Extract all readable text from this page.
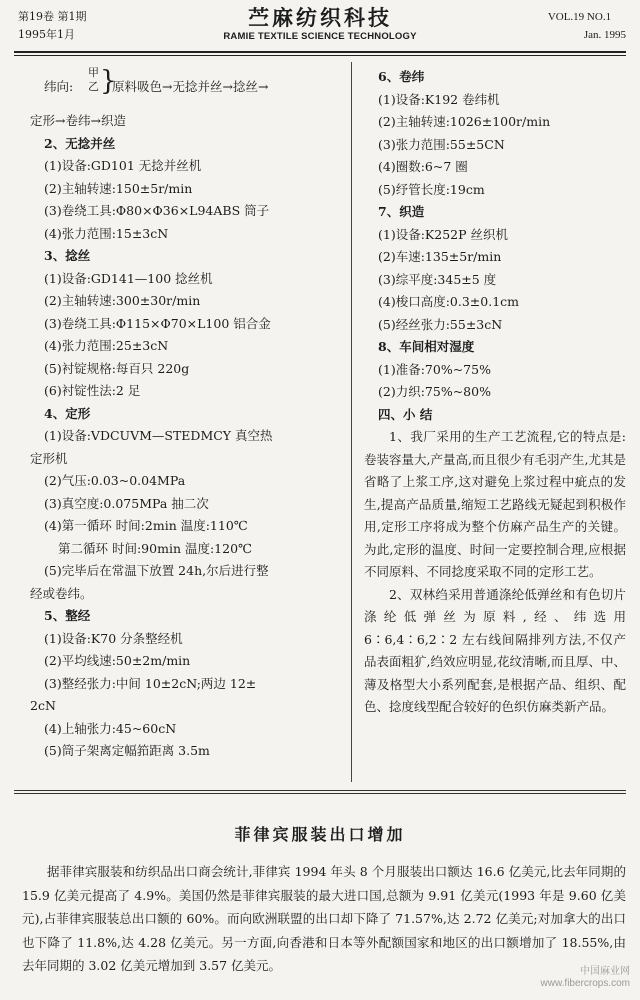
第19卷 第1期
1995年1月
苎麻纺织科技
RAMIE TEXTILE SCIENCE TECHNOLOGY
VOL.19 NO.1
Jan. 1995
纬向:
甲
乙 }
原料吸色→无捻并丝→捻丝→
定形→卷纬→织造
2、无捻并丝
(1)设备:GD101 无捻并丝机
(2)主轴转速:150±5r/min
(3)卷绕工具:Φ80×Φ36×L94ABS 筒子
(4)张力范围:15±3cN
3、捻丝
(1)设备:GD141—100 捻丝机
(2)主轴转速:300±30r/min
(3)卷绕工具:Φ115×Φ70×L100 铝合金
(4)张力范围:25±3cN
(5)衬锭规格:每百只 220g
(6)衬锭性法:2 足
4、定形
(1)设备:VDCUVM—STEDMCY 真空热
定形机
(2)气压:0.03~0.04MPa
(3)真空度:0.075MPa 抽二次
(4)第一循环 时间:2min 温度:110℃
第二循环 时间:90min 温度:120℃
(5)完毕后在常温下放置 24h,尔后进行整
经或卷纬。
5、整经
(1)设备:K70 分条整经机
(2)平均线速:50±2m/min
(3)整经张力:中间 10±2cN;两边 12±
2cN
(4)上轴张力:45~60cN
(5)筒子架离定幅筘距离 3.5m
6、卷纬
(1)设备:K192 卷纬机
(2)主轴转速:1026±100r/min
(3)张力范围:55±5CN
(4)圈数:6~7 圈
(5)纾管长度:19cm
7、织造
(1)设备:K252P 丝织机
(2)车速:135±5r/min
(3)综平度:345±5 度
(4)梭口高度:0.3±0.1cm
(5)经丝张力:55±3cN
8、车间相对湿度
(1)准备:70%~75%
(2)力织:75%~80%
四、小 结
1、我厂采用的生产工艺流程,它的特点是:卷装容量大,产量高,而且很少有毛羽产生,尤其是省略了上浆工序,这对避免上浆过程中疵点的发生,提高产品质量,缩短工艺路线无疑起到积极作用,定形工序将成为整个仿麻产品生产的关键。为此,定形的温度、时间一定要控制合理,应根据不同原料、不同捻度采取不同的定形工艺。
2、双林绉采用普通涤纶低弹丝和有色切片涤纶低弹丝为原料,经、纬选用 6∶6,4∶6,2∶2 左右线间隔排列方法,不仅产品表面粗犷,绉效应明显,花纹清晰,而且厚、中、薄及格型大小系列配套,是根据产品、组织、配色、捻度线型配合较好的色织仿麻类新产品。
菲律宾服装出口增加
据菲律宾服装和纺织品出口商会统计,菲律宾 1994 年头 8 个月服装出口额达 16.6 亿美元,比去年同期的 15.9 亿美元提高了 4.9%。美国仍然是菲律宾服装的最大进口国,总额为 9.91 亿美元(1993 年是 9.60 亿美元),占菲律宾服装总出口额的 60%。而向欧洲联盟的出口却下降了 71.57%,达 2.72 亿美元;对加拿大的出口也下降了 11.8%,达 4.28 亿美元。另一方面,向香港和日本等外配额国家和地区的出口额增加了 18.55%,由去年同期的 3.02 亿美元增加到 3.57 亿美元。	中国麻业网
www.fibercrops.com
